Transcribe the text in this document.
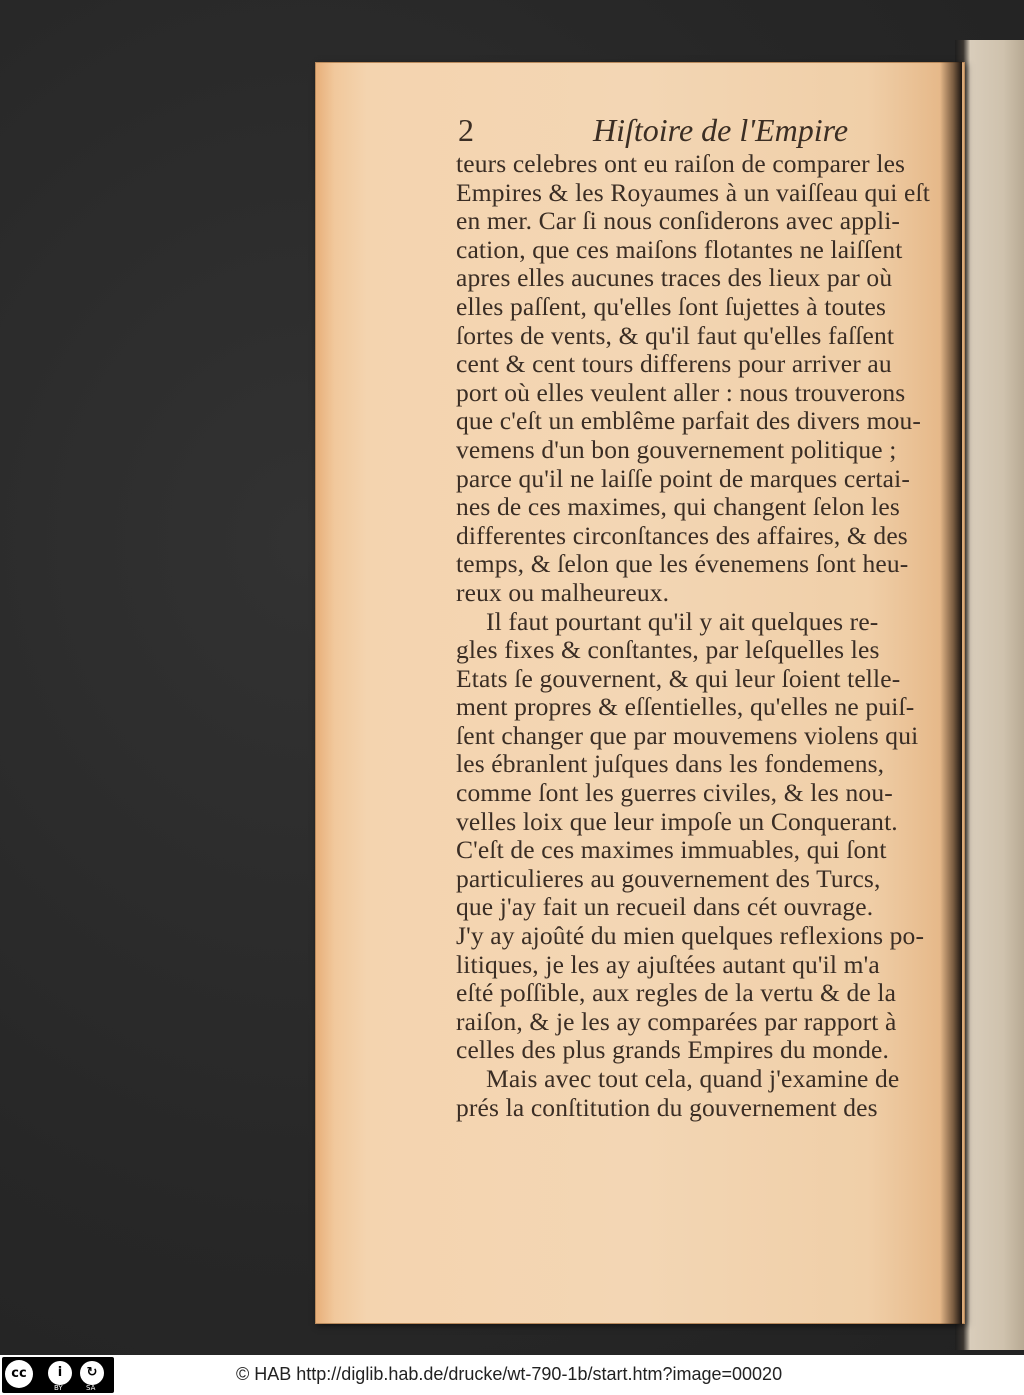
2	Hiſtoire de l'Empire
teurs celebres ont eu raiſon de comparer les
Empires & les Royaumes à un vaiſſeau qui eſt
en mer. Car ſi nous conſiderons avec appli-
cation, que ces maiſons flotantes ne laiſſent
apres elles aucunes traces des lieux par où
elles paſſent, qu'elles ſont ſujettes à toutes
ſortes de vents, & qu'il faut qu'elles faſſent
cent & cent tours differens pour arriver au
port où elles veulent aller : nous trouverons
que c'eſt un emblême parfait des divers mou-
vemens d'un bon gouvernement politique ;
parce qu'il ne laiſſe point de marques certai-
nes de ces maximes, qui changent ſelon les
differentes circonſtances des affaires, & des
temps, & ſelon que les évenemens ſont heu-
reux ou malheureux.
Il faut pourtant qu'il y ait quelques re-
gles fixes & conſtantes, par leſquelles les
Etats ſe gouvernent, & qui leur ſoient telle-
ment propres & eſſentielles, qu'elles ne puiſ-
ſent changer que par mouvemens violens qui
les ébranlent juſques dans les fondemens,
comme ſont les guerres civiles, & les nou-
velles loix que leur impoſe un Conquerant.
C'eſt de ces maximes immuables, qui ſont
particulieres au gouvernement des Turcs,
que j'ay fait un recueil dans cét ouvrage.
J'y ay ajoûté du mien quelques reflexions po-
litiques, je les ay ajuſtées autant qu'il m'a
eſté poſſible, aux regles de la vertu & de la
raiſon, & je les ay comparées par rapport à
celles des plus grands Empires du monde.
Mais avec tout cela, quand j'examine de
prés la conſtitution du gouvernement des
cc	i	↻
BY	SA
© HAB http://diglib.hab.de/drucke/wt-790-1b/start.htm?image=00020
